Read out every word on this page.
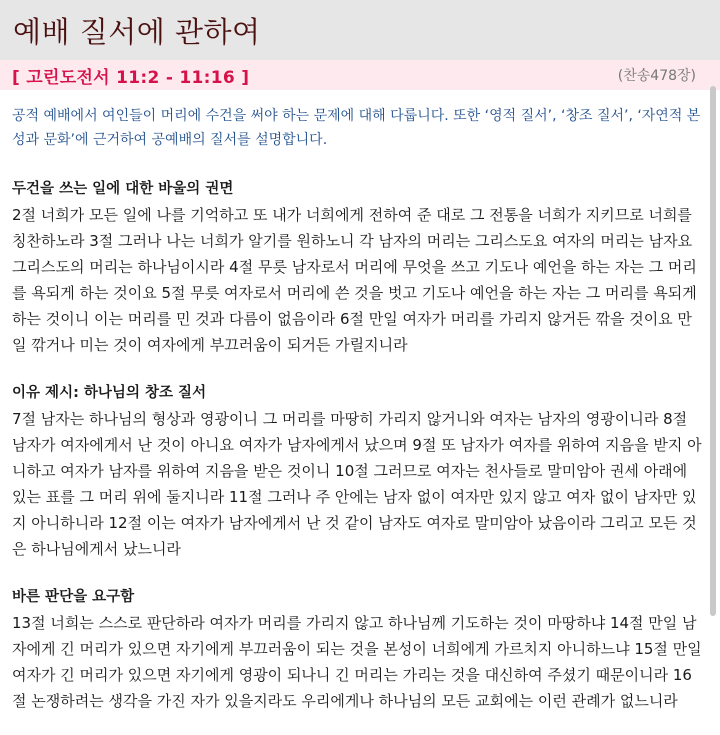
예배 질서에 관하여
[ 고린도전서 11:2 - 11:16 ]	(찬송478장)

공적 예배에서 여인들이 머리에 수건을 써야 하는 문제에 대해 다룹니다. 또한 ‘영적 질서’, ‘창조 질서’, ‘자연적 본성과 문화’에 근거하여 공예배의 질서를 설명합니다.

두건을 쓰는 일에 대한 바울의 권면
2절 너희가 모든 일에 나를 기억하고 또 내가 너희에게 전하여 준 대로 그 전통을 너희가 지키므로 너희를 칭찬하노라 3절 그러나 나는 너희가 알기를 원하노니 각 남자의 머리는 그리스도요 여자의 머리는 남자요 그리스도의 머리는 하나님이시라 4절 무릇 남자로서 머리에 무엇을 쓰고 기도나 예언을 하는 자는 그 머리를 욕되게 하는 것이요 5절 무릇 여자로서 머리에 쓴 것을 벗고 기도나 예언을 하는 자는 그 머리를 욕되게 하는 것이니 이는 머리를 민 것과 다름이 없음이라 6절 만일 여자가 머리를 가리지 않거든 깎을 것이요 만일 깎거나 미는 것이 여자에게 부끄러움이 되거든 가릴지니라
이유 제시: 하나님의 창조 질서
7절 남자는 하나님의 형상과 영광이니 그 머리를 마땅히 가리지 않거니와 여자는 남자의 영광이니라 8절 남자가 여자에게서 난 것이 아니요 여자가 남자에게서 났으며 9절 또 남자가 여자를 위하여 지음을 받지 아니하고 여자가 남자를 위하여 지음을 받은 것이니 10절 그러므로 여자는 천사들로 말미암아 권세 아래에 있는 표를 그 머리 위에 둘지니라 11절 그러나 주 안에는 남자 없이 여자만 있지 않고 여자 없이 남자만 있지 아니하니라 12절 이는 여자가 남자에게서 난 것 같이 남자도 여자로 말미암아 났음이라 그리고 모든 것은 하나님에게서 났느니라
바른 판단을 요구함
13절 너희는 스스로 판단하라 여자가 머리를 가리지 않고 하나님께 기도하는 것이 마땅하냐 14절 만일 남자에게 긴 머리가 있으면 자기에게 부끄러움이 되는 것을 본성이 너희에게 가르치지 아니하느냐 15절 만일 여자가 긴 머리가 있으면 자기에게 영광이 되나니 긴 머리는 가리는 것을 대신하여 주셨기 때문이니라 16절 논쟁하려는 생각을 가진 자가 있을지라도 우리에게나 하나님의 모든 교회에는 이런 관례가 없느니라
